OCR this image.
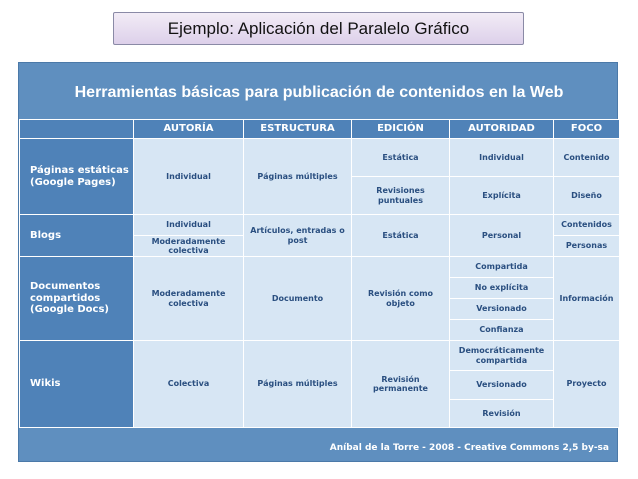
Ejemplo: Aplicación del Paralelo Gráfico
Herramientas básicas para publicación de contenidos en la Web
	AUTORÍA	ESTRUCTURA	EDICIÓN	AUTORIDAD	FOCO
Páginas estáticas (Google Pages)	Individual	Páginas múltiples	Estática	Individual	Contenido
			Revisiones puntuales	Explícita	Diseño
Blogs	Individual	Artículos, entradas o post	Estática	Personal	Contenidos
	Moderadamente colectiva				Personas
Documentos compartidos (Google Docs)	Moderadamente colectiva	Documento	Revisión como objeto	Compartida	Información
				No explícita	
				Versionado	
				Confianza	
Wikis	Colectiva	Páginas múltiples	Revisión permanente	Democráticamente compartida	Proyecto
				Versionado	
				Revisión	
Aníbal de la Torre - 2008 - Creative Commons 2,5 by-sa
